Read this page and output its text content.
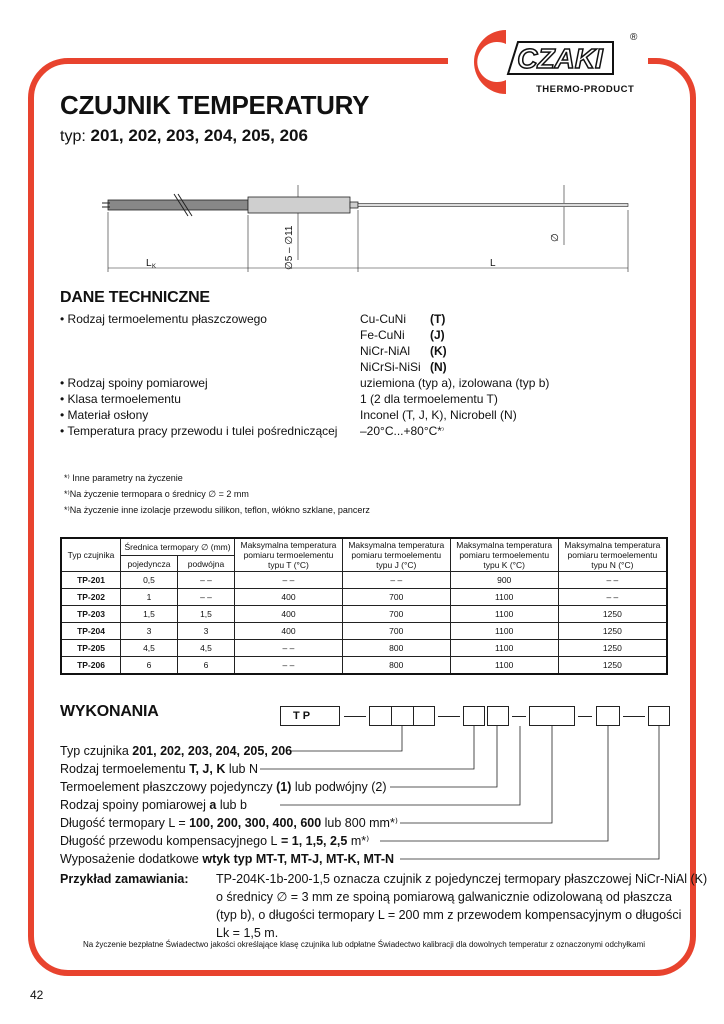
CZAKI
®
THERMO-PRODUCT
CZUJNIK TEMPERATURY
typ: 201, 202, 203, 204, 205, 206
∅5 – ∅11	∅
L K	L
DANE TECHNICZNE
• Rodzaj termoelementu płaszczowego	Cu-CuNi (T)
Fe-CuNi (J)
NiCr-NiAl (K)
NiCrSi-NiSi (N)
• Rodzaj spoiny pomiarowej	uziemiona (typ a), izolowana (typ b)
• Klasa termoelementu	1 (2 dla termoelementu T)
• Materiał osłony	Inconel (T, J, K), Nicrobell (N)
• Temperatura pracy przewodu i tulei pośredniczącej –20°C...+80°C*⁾
*⁾ Inne parametry na życzenie
*⁾Na życzenie termopara o średnicy ∅ = 2 mm
*⁾Na życzenie inne izolacje przewodu silikon, teflon, włókno szklane, pancerz
Typ czujnika	Średnica termopary ∅ (mm)		Maksymalna temperatura pomiaru termoelementu typu T (°C)	Maksymalna temperatura pomiaru termoelementu typu J (°C)	Maksymalna temperatura pomiaru termoelementu typu K (°C)	Maksymalna temperatura pomiaru termoelementu typu N (°C)
	pojedyncza	podwójna				
TP-201	0,5	– –	– –	– –	900	– –
TP-202	1	– –	400	700	1100	– –
TP-203	1,5	1,5	400	700	1100	1250
TP-204	3	3	400	700	1100	1250
TP-205	4,5	4,5	– –	800	1100	1250
TP-206	6	6	– –	800	1100	1250
WYKONANIA	T P
Typ czujnika 201, 202, 203, 204, 205, 206
Rodzaj termoelementu T, J, K lub N
Termoelement płaszczowy pojedynczy (1) lub podwójny (2)
Rodzaj spoiny pomiarowej a lub b
Długość termopary L = 100, 200, 300, 400, 600 lub 800 mm*⁾
Długość przewodu kompensacyjnego L = 1, 1,5, 2,5 m*⁾
Wyposażenie dodatkowe wtyk typ MT-T, MT-J, MT-K, MT-N
Przykład zamawiania: TP-204K-1b-200-1,5 oznacza czujnik z pojedynczej termopary płaszczowej NiCr-NiAl (K)
o średnicy ∅ = 3 mm ze spoiną pomiarową galwanicznie odizolowaną od płaszcza
(typ b), o długości termopary L = 200 mm z przewodem kompensacyjnym o długości
Lk = 1,5 m.
Na życzenie bezpłatne Świadectwo jakości określające klasę czujnika lub odpłatne Świadectwo kalibracji dla dowolnych temperatur z oznaczonymi odchyłkami
42
